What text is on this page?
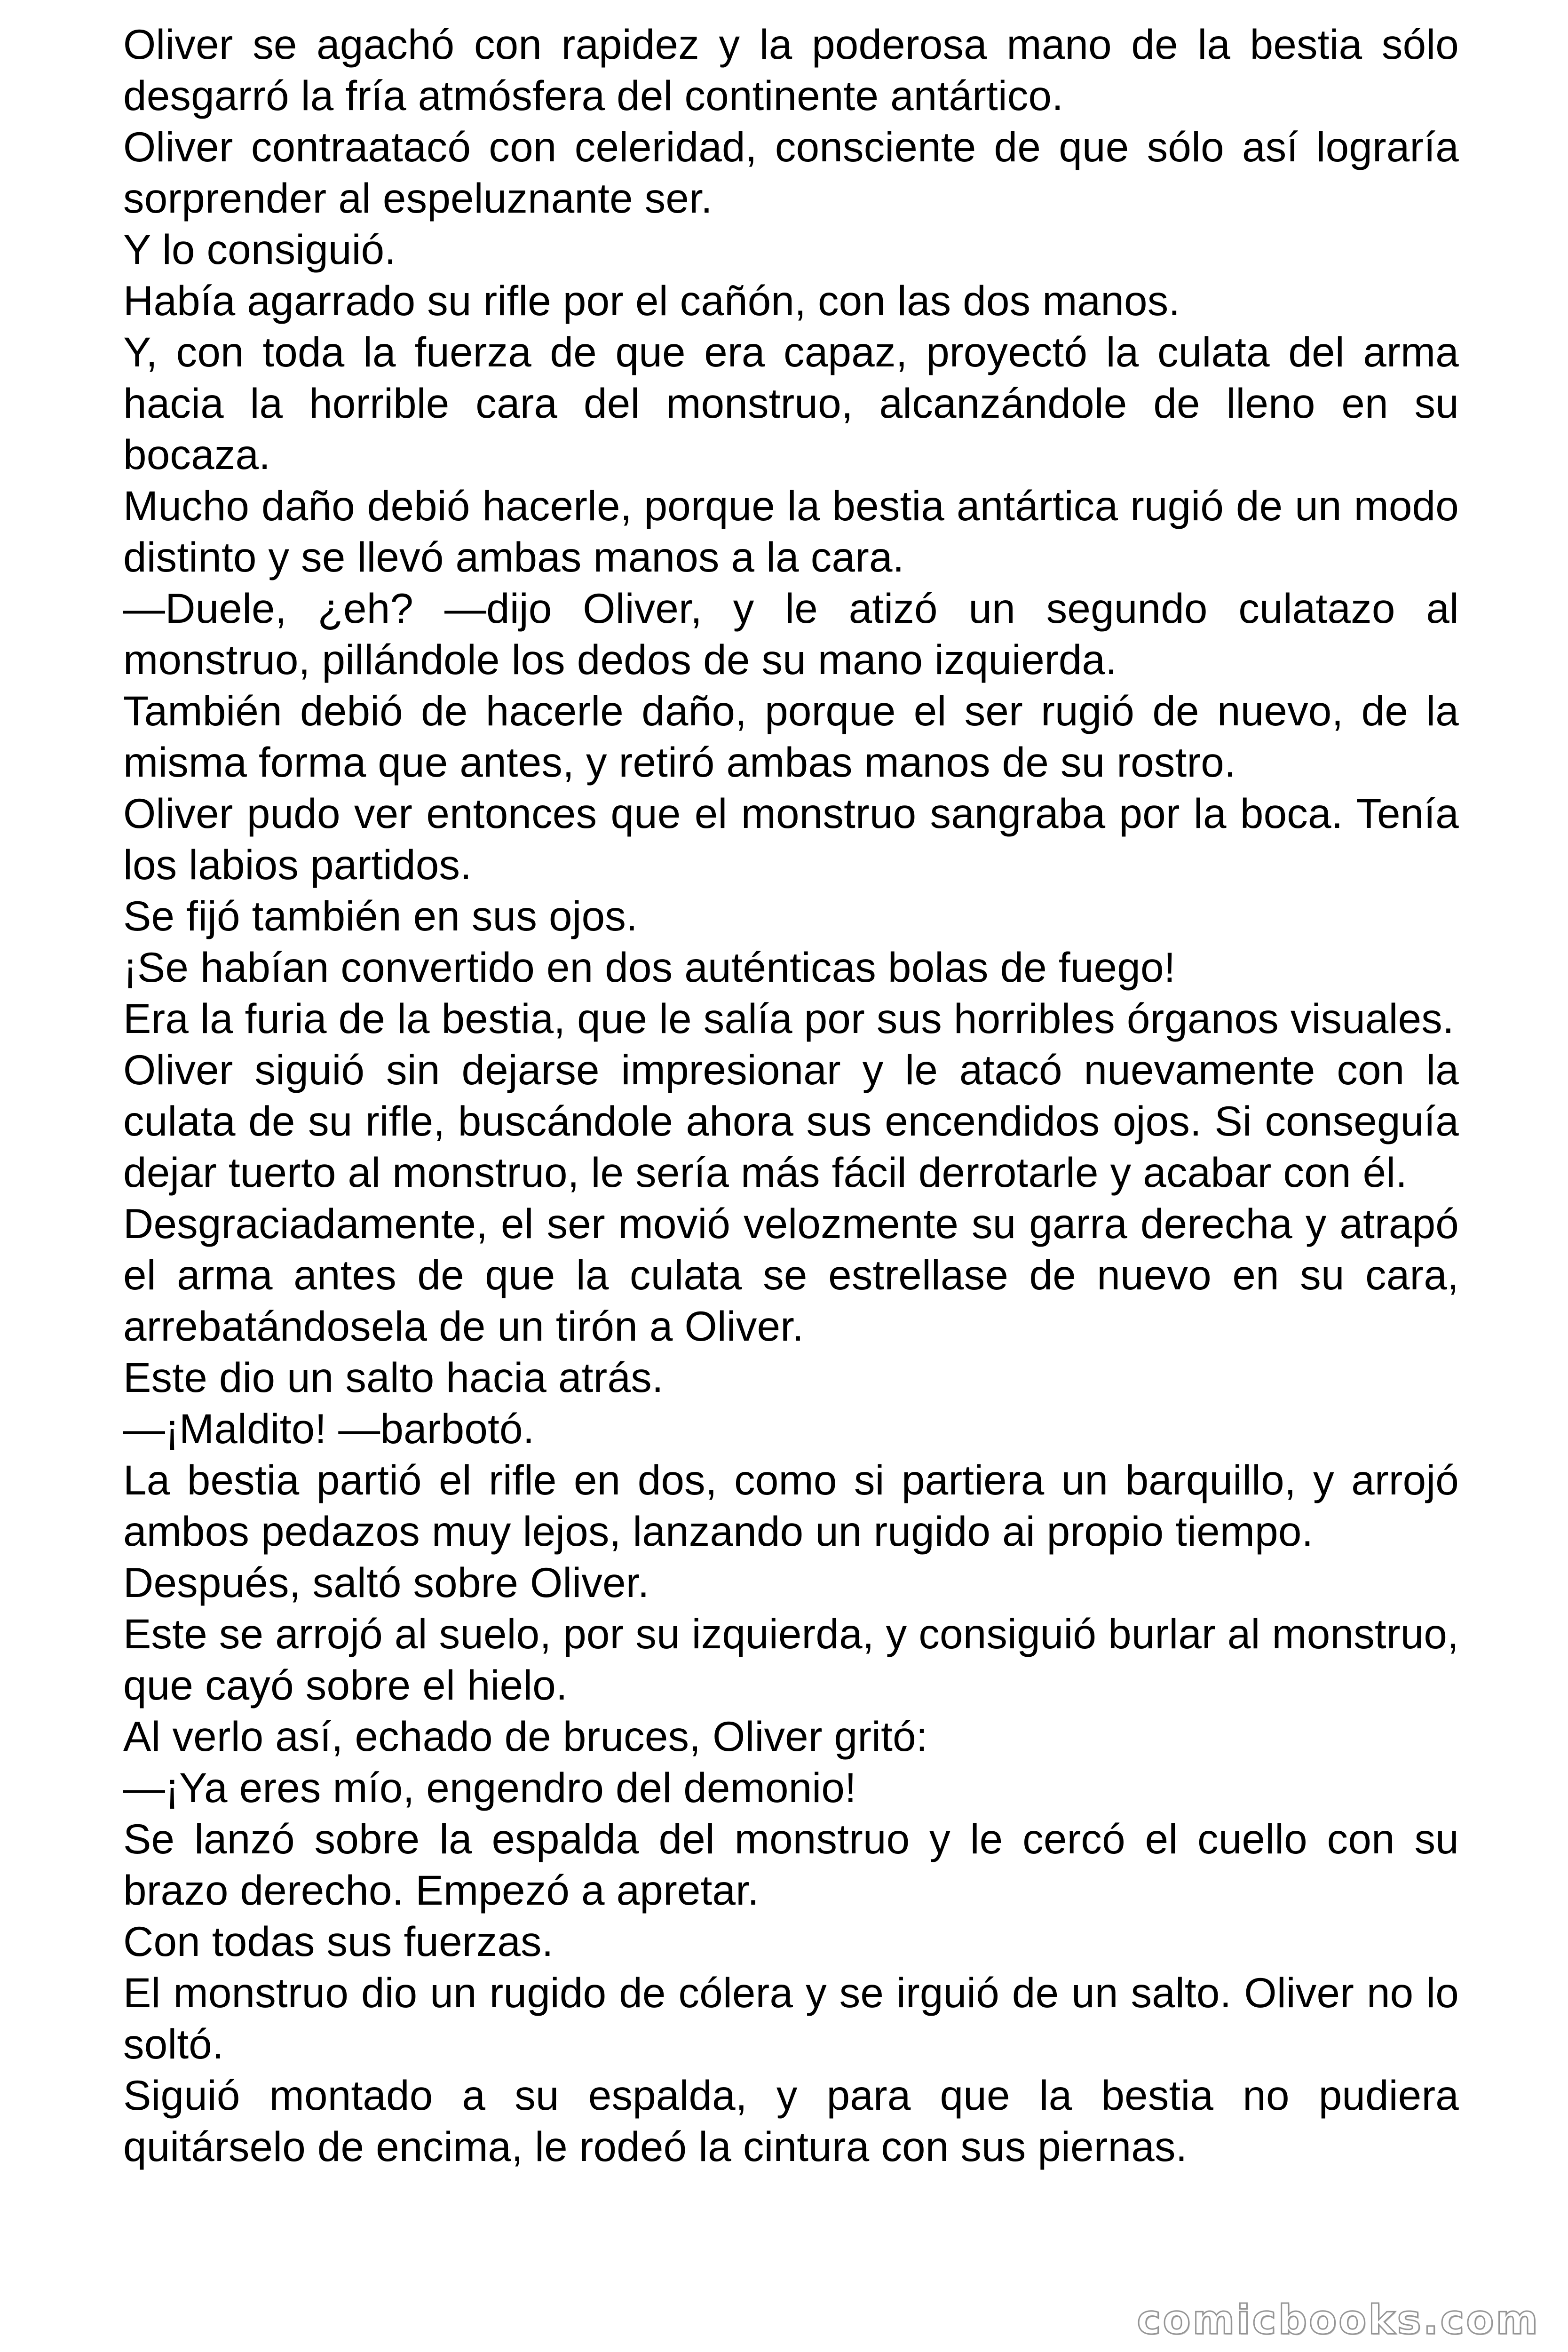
Oliver se agachó con rapidez y la poderosa mano de la bestia sólo desgarró la fría atmósfera del continente antártico.

Oliver contraatacó con celeridad, consciente de que sólo así lograría sorprender al espeluznante ser.

Y lo consiguió.

Había agarrado su rifle por el cañón, con las dos manos.

Y, con toda la fuerza de que era capaz, proyectó la culata del arma hacia la horrible cara del monstruo, alcanzándole de lleno en su bocaza.

Mucho daño debió hacerle, porque la bestia antártica rugió de un modo distinto y se llevó ambas manos a la cara.

—Duele, ¿eh? —dijo Oliver, y le atizó un segundo culatazo al monstruo, pillándole los dedos de su mano izquierda.

También debió de hacerle daño, porque el ser rugió de nuevo, de la misma forma que antes, y retiró ambas manos de su rostro.

Oliver pudo ver entonces que el monstruo sangraba por la boca. Tenía los labios partidos.

Se fijó también en sus ojos.

¡Se habían convertido en dos auténticas bolas de fuego!

Era la furia de la bestia, que le salía por sus horribles órganos visuales.

Oliver siguió sin dejarse impresionar y le atacó nuevamente con la culata de su rifle, buscándole ahora sus encendidos ojos. Si conseguía dejar tuerto al monstruo, le sería más fácil derrotarle y acabar con él.

Desgraciadamente, el ser movió velozmente su garra derecha y atrapó el arma antes de que la culata se estrellase de nuevo en su cara, arrebatándosela de un tirón a Oliver.

Este dio un salto hacia atrás.

—¡Maldito! —barbotó.

La bestia partió el rifle en dos, como si partiera un barquillo, y arrojó ambos pedazos muy lejos, lanzando un rugido ai propio tiempo.

Después, saltó sobre Oliver.

Este se arrojó al suelo, por su izquierda, y consiguió burlar al monstruo, que cayó sobre el hielo.

Al verlo así, echado de bruces, Oliver gritó:

—¡Ya eres mío, engendro del demonio!

Se lanzó sobre la espalda del monstruo y le cercó el cuello con su brazo derecho. Empezó a apretar.

Con todas sus fuerzas.

El monstruo dio un rugido de cólera y se irguió de un salto. Oliver no lo soltó.

Siguió montado a su espalda, y para que la bestia no pudiera quitárselo de encima, le rodeó la cintura con sus piernas.

comicbooks.com
